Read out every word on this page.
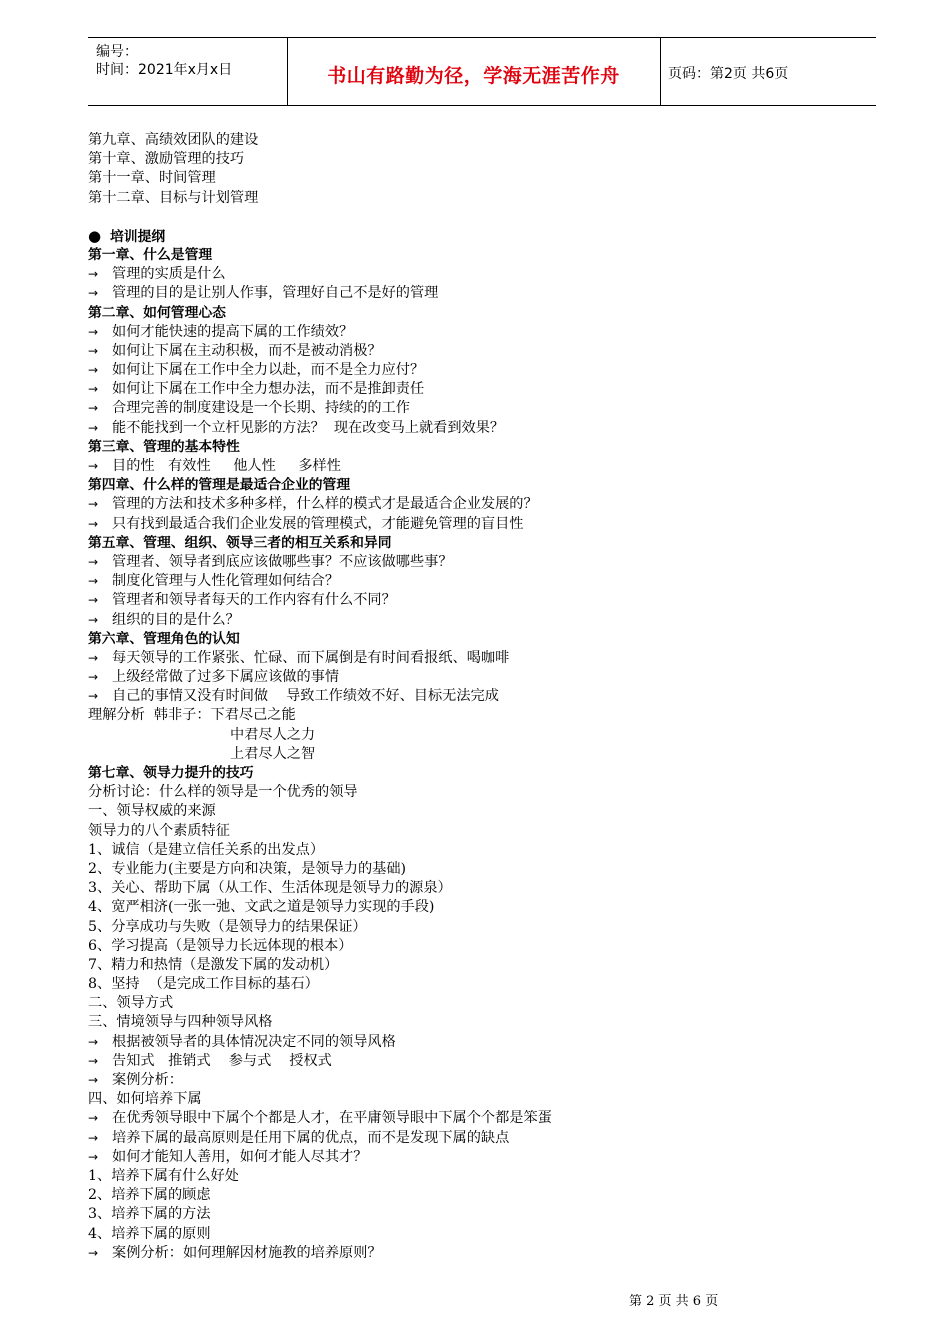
编号：
时间：2021年x月x日	书山有路勤为径，学海无涯苦作舟	页码：第2页 共6页
第九章、高绩效团队的建设
第十章、激励管理的技巧
第十一章、时间管理
第十二章、目标与计划管理
● 培训提纲
第一章、什么是管理
→ 管理的实质是什么
→ 管理的目的是让别人作事，管理好自己不是好的管理
第二章、如何管理心态
→ 如何才能快速的提高下属的工作绩效？
→ 如何让下属在主动积极，而不是被动消极？
→ 如何让下属在工作中全力以赴，而不是全力应付？
→ 如何让下属在工作中全力想办法，而不是推卸责任
→ 合理完善的制度建设是一个长期、持续的的工作
→ 能不能找到一个立杆见影的方法？  现在改变马上就看到效果？
第三章、管理的基本特性
→ 目的性   有效性     他人性     多样性
第四章、什么样的管理是最适合企业的管理
→ 管理的方法和技术多种多样，什么样的模式才是最适合企业发展的？
→ 只有找到最适合我们企业发展的管理模式，才能避免管理的盲目性
第五章、管理、组织、领导三者的相互关系和异同
→ 管理者、领导者到底应该做哪些事？不应该做哪些事？
→ 制度化管理与人性化管理如何结合？
→ 管理者和领导者每天的工作内容有什么不同？
→ 组织的目的是什么？
第六章、管理角色的认知
→ 每天领导的工作紧张、忙碌、而下属倒是有时间看报纸、喝咖啡
→ 上级经常做了过多下属应该做的事情
→ 自己的事情又没有时间做    导致工作绩效不好、目标无法完成
理解分析  韩非子：下君尽己之能
中君尽人之力
上君尽人之智
第七章、领导力提升的技巧
分析讨论：什么样的领导是一个优秀的领导
一、领导权威的来源
领导力的八个素质特征
1、诚信（是建立信任关系的出发点）
2、专业能力(主要是方向和决策，是领导力的基础)
3、关心、帮助下属（从工作、生活体现是领导力的源泉）
4、宽严相济(一张一弛、文武之道是领导力实现的手段)
5、分享成功与失败（是领导力的结果保证）
6、学习提高（是领导力长远体现的根本）
7、精力和热情（是激发下属的发动机）
8、坚持  （是完成工作目标的基石）
二、领导方式
三、情境领导与四种领导风格
→ 根据被领导者的具体情况决定不同的领导风格
→ 告知式   推销式    参与式    授权式
→ 案例分析：
四、如何培养下属
→ 在优秀领导眼中下属个个都是人才，在平庸领导眼中下属个个都是笨蛋
→ 培养下属的最高原则是任用下属的优点，而不是发现下属的缺点
→ 如何才能知人善用，如何才能人尽其才？
1、培养下属有什么好处
2、培养下属的顾虑
3、培养下属的方法
4、培养下属的原则
→ 案例分析：如何理解因材施教的培养原则？
第 2 页 共 6 页
